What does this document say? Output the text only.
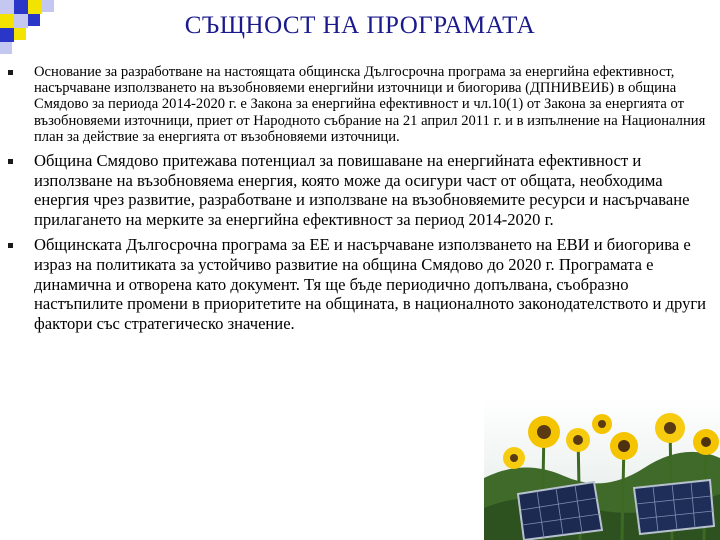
СЪЩНОСТ НА ПРОГРАМАТА
Основание за разработване на настоящата общинска Дългосрочна програма за енергийна ефективност, насърчаване използването на възобновяеми енергийни източници и биогорива (ДПНИВЕИБ) в община Смядово за периода 2014-2020 г. е Закона за енергийна ефективност и чл.10(1) от Закона за енергията от възобновяеми източници, приет от Народното събрание на 21 април 2011 г. и в изпълнение на Националния план за действие за енергията от възобновяеми източници.
Община Смядово притежава потенциал за повишаване на енергийната ефективност и използване на възобновяема енергия, която може да осигури част от общата, необходима енергия чрез развитие, разработване и използване на възобновяемите ресурси и насърчаване прилагането на мерките за енергийна ефективност за период 2014-2020 г.
Общинската Дългосрочна програма за ЕЕ и насърчаване използването на ЕВИ и биогорива е израз на политиката за устойчиво развитие на община Смядово до 2020 г. Програмата е динамична и отворена като документ. Тя ще бъде периодично допълвана, съобразно настъпилите промени в приоритетите на общината, в националното законодателството и други фактори със стратегическо значение.
